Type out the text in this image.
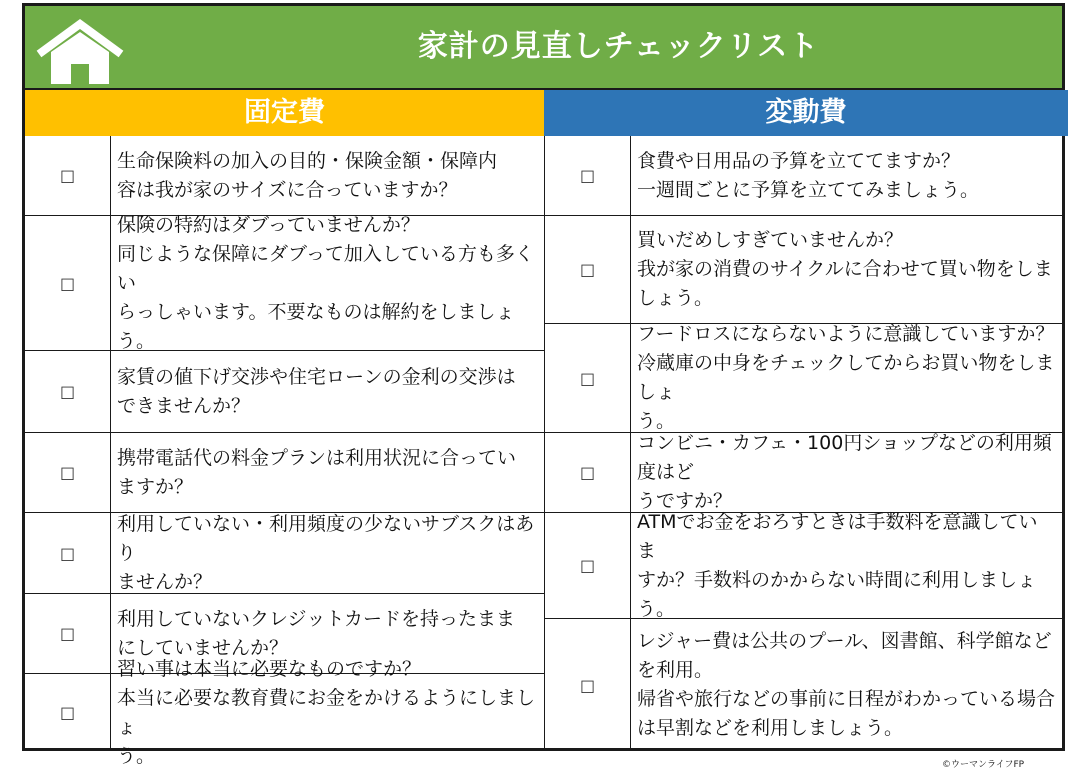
家計の見直しチェックリスト
固定費	変動費
□
生命保険料の加入の目的・保険金額・保障内
容は我が家のサイズに合っていますか？
□
保険の特約はダブっていませんか？
同じような保障にダブって加入している方も多くい
らっしゃいます。不要なものは解約をしましょう。
□
家賃の値下げ交渉や住宅ローンの金利の交渉は
できませんか？
□
携帯電話代の料金プランは利用状況に合ってい
ますか？
□
利用していない・利用頻度の少ないサブスクはあり
ませんか？
□
利用していないクレジットカードを持ったまま
にしていませんか？
□
習い事は本当に必要なものですか？
本当に必要な教育費にお金をかけるようにしましょ
う。
□
食費や日用品の予算を立ててますか？
一週間ごとに予算を立ててみましょう。
□
買いだめしすぎていませんか？
我が家の消費のサイクルに合わせて買い物をしま
しょう。
□
フードロスにならないように意識していますか？
冷蔵庫の中身をチェックしてからお買い物をしましょ
う。
□
コンビニ・カフェ・100円ショップなどの利用頻度はど
うですか？
□
ATMでお金をおろすときは手数料を意識していま
すか？手数料のかからない時間に利用しましょう。
□
レジャー費は公共のプール、図書館、科学館など
を利用。
帰省や旅行などの事前に日程がわかっている場合
は早割などを利用しましょう。
©ウーマンライフFP
